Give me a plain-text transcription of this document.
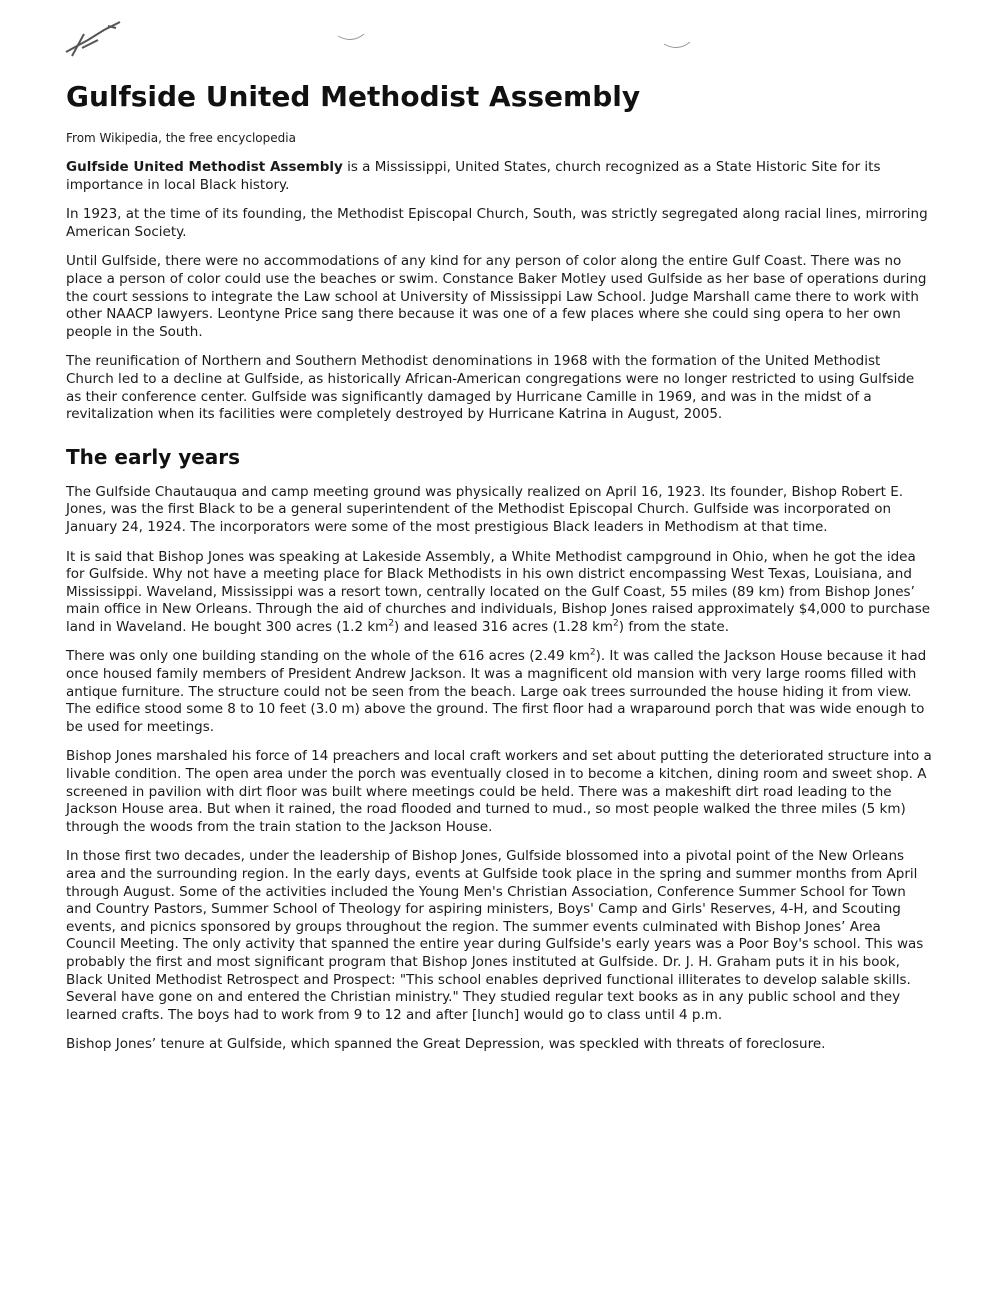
Gulfside United Methodist Assembly
From Wikipedia, the free encyclopedia

Gulfside United Methodist Assembly is a Mississippi, United States, church recognized as a State Historic Site for its importance in local Black history.

In 1923, at the time of its founding, the Methodist Episcopal Church, South, was strictly segregated along racial lines, mirroring American Society.

Until Gulfside, there were no accommodations of any kind for any person of color along the entire Gulf Coast. There was no place a person of color could use the beaches or swim. Constance Baker Motley used Gulfside as her base of operations during the court sessions to integrate the Law school at University of Mississippi Law School. Judge Marshall came there to work with other NAACP lawyers. Leontyne Price sang there because it was one of a few places where she could sing opera to her own people in the South.

The reunification of Northern and Southern Methodist denominations in 1968 with the formation of the United Methodist Church led to a decline at Gulfside, as historically African-American congregations were no longer restricted to using Gulfside as their conference center. Gulfside was significantly damaged by Hurricane Camille in 1969, and was in the midst of a revitalization when its facilities were completely destroyed by Hurricane Katrina in August, 2005.

The early years

The Gulfside Chautauqua and camp meeting ground was physically realized on April 16, 1923. Its founder, Bishop Robert E. Jones, was the first Black to be a general superintendent of the Methodist Episcopal Church. Gulfside was incorporated on January 24, 1924. The incorporators were some of the most prestigious Black leaders in Methodism at that time.

It is said that Bishop Jones was speaking at Lakeside Assembly, a White Methodist campground in Ohio, when he got the idea for Gulfside. Why not have a meeting place for Black Methodists in his own district encompassing West Texas, Louisiana, and Mississippi. Waveland, Mississippi was a resort town, centrally located on the Gulf Coast, 55 miles (89 km) from Bishop Jones’ main office in New Orleans. Through the aid of churches and individuals, Bishop Jones raised approximately $4,000 to purchase land in Waveland. He bought 300 acres (1.2 $km^2$) and leased 316 acres (1.28 $km^2$) from the state.

There was only one building standing on the whole of the 616 acres (2.49 $km^2$). It was called the Jackson House because it had once housed family members of President Andrew Jackson. It was a magnificent old mansion with very large rooms filled with antique furniture. The structure could not be seen from the beach. Large oak trees surrounded the house hiding it from view. The edifice stood some 8 to 10 feet (3.0 m) above the ground. The first floor had a wraparound porch that was wide enough to be used for meetings.

Bishop Jones marshaled his force of 14 preachers and local craft workers and set about putting the deteriorated structure into a livable condition. The open area under the porch was eventually closed in to become a kitchen, dining room and sweet shop. A screened in pavilion with dirt floor was built where meetings could be held. There was a makeshift dirt road leading to the Jackson House area. But when it rained, the road flooded and turned to mud., so most people walked the three miles (5 km) through the woods from the train station to the Jackson House.

In those first two decades, under the leadership of Bishop Jones, Gulfside blossomed into a pivotal point of the New Orleans area and the surrounding region. In the early days, events at Gulfside took place in the spring and summer months from April through August. Some of the activities included the Young Men's Christian Association, Conference Summer School for Town and Country Pastors, Summer School of Theology for aspiring ministers, Boys' Camp and Girls' Reserves, 4-H, and Scouting events, and picnics sponsored by groups throughout the region. The summer events culminated with Bishop Jones’ Area Council Meeting. The only activity that spanned the entire year during Gulfside's early years was a Poor Boy's school. This was probably the first and most significant program that Bishop Jones instituted at Gulfside. Dr. J. H. Graham puts it in his book, Black United Methodist Retrospect and Prospect: "This school enables deprived functional illiterates to develop salable skills. Several have gone on and entered the Christian ministry." They studied regular text books as in any public school and they learned crafts. The boys had to work from 9 to 12 and after [lunch] would go to class until 4 p.m.

Bishop Jones’ tenure at Gulfside, which spanned the Great Depression, was speckled with threats of foreclosure.
